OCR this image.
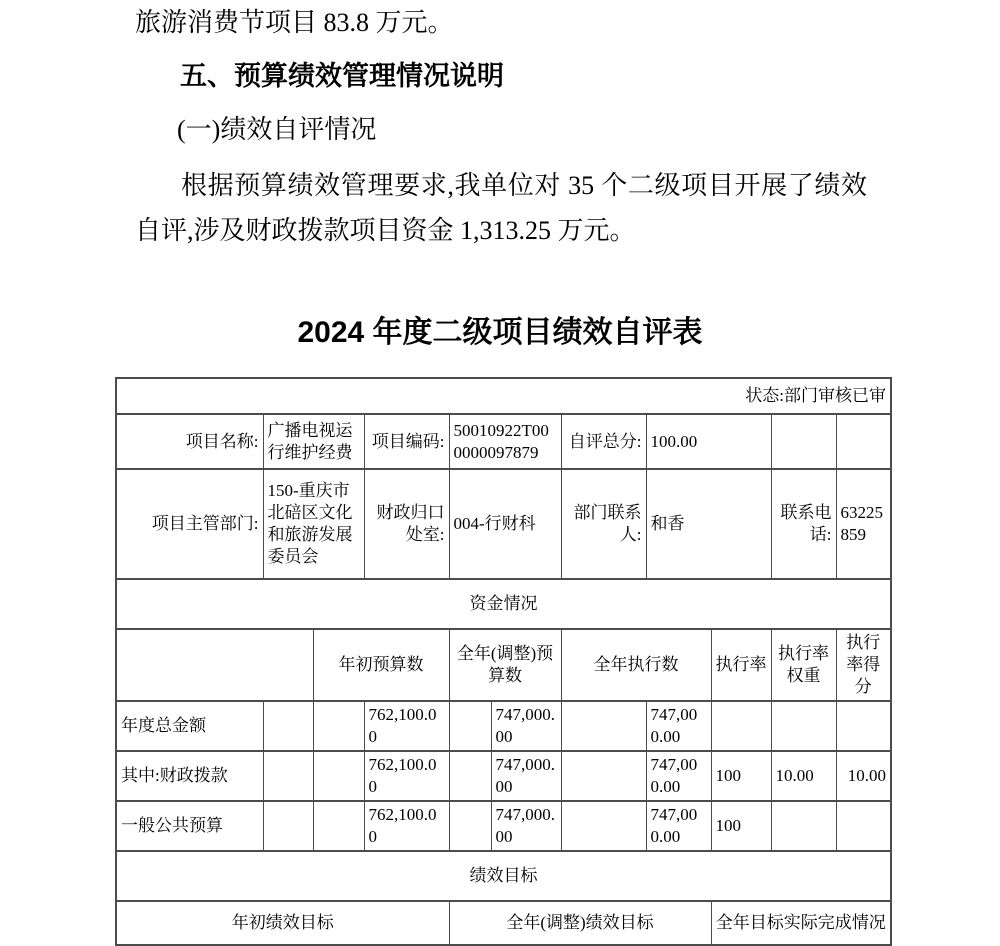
旅游消费节项目 83.8 万元。
五、预算绩效管理情况说明
(一)绩效自评情况
根据预算绩效管理要求,我单位对 35 个二级项目开展了绩效自评,涉及财政拨款项目资金 1,313.25 万元。
2024 年度二级项目绩效自评表
状态:部门审核已审										
项目名称:	广播电视运行维护经费		项目编码:	50010922T000000097879		自评总分:	100.00			
项目主管部门:	150-重庆市北碚区文化和旅游发展委员会		财政归口处室:	004-行财科		部门联系人:	和香		联系电话:	63225859
资金情况										
		年初预算数		全年(调整)预算数		全年执行数		执行率	执行率权重	执行率得分
年度总金额			762,100.00		747,000.00		747,000.00			
其中:财政拨款			762,100.00		747,000.00		747,000.00	100	10.00	10.00
一般公共预算			762,100.00		747,000.00		747,000.00	100		
绩效目标										
年初绩效目标				全年(调整)绩效目标				全年目标实际完成情况		
